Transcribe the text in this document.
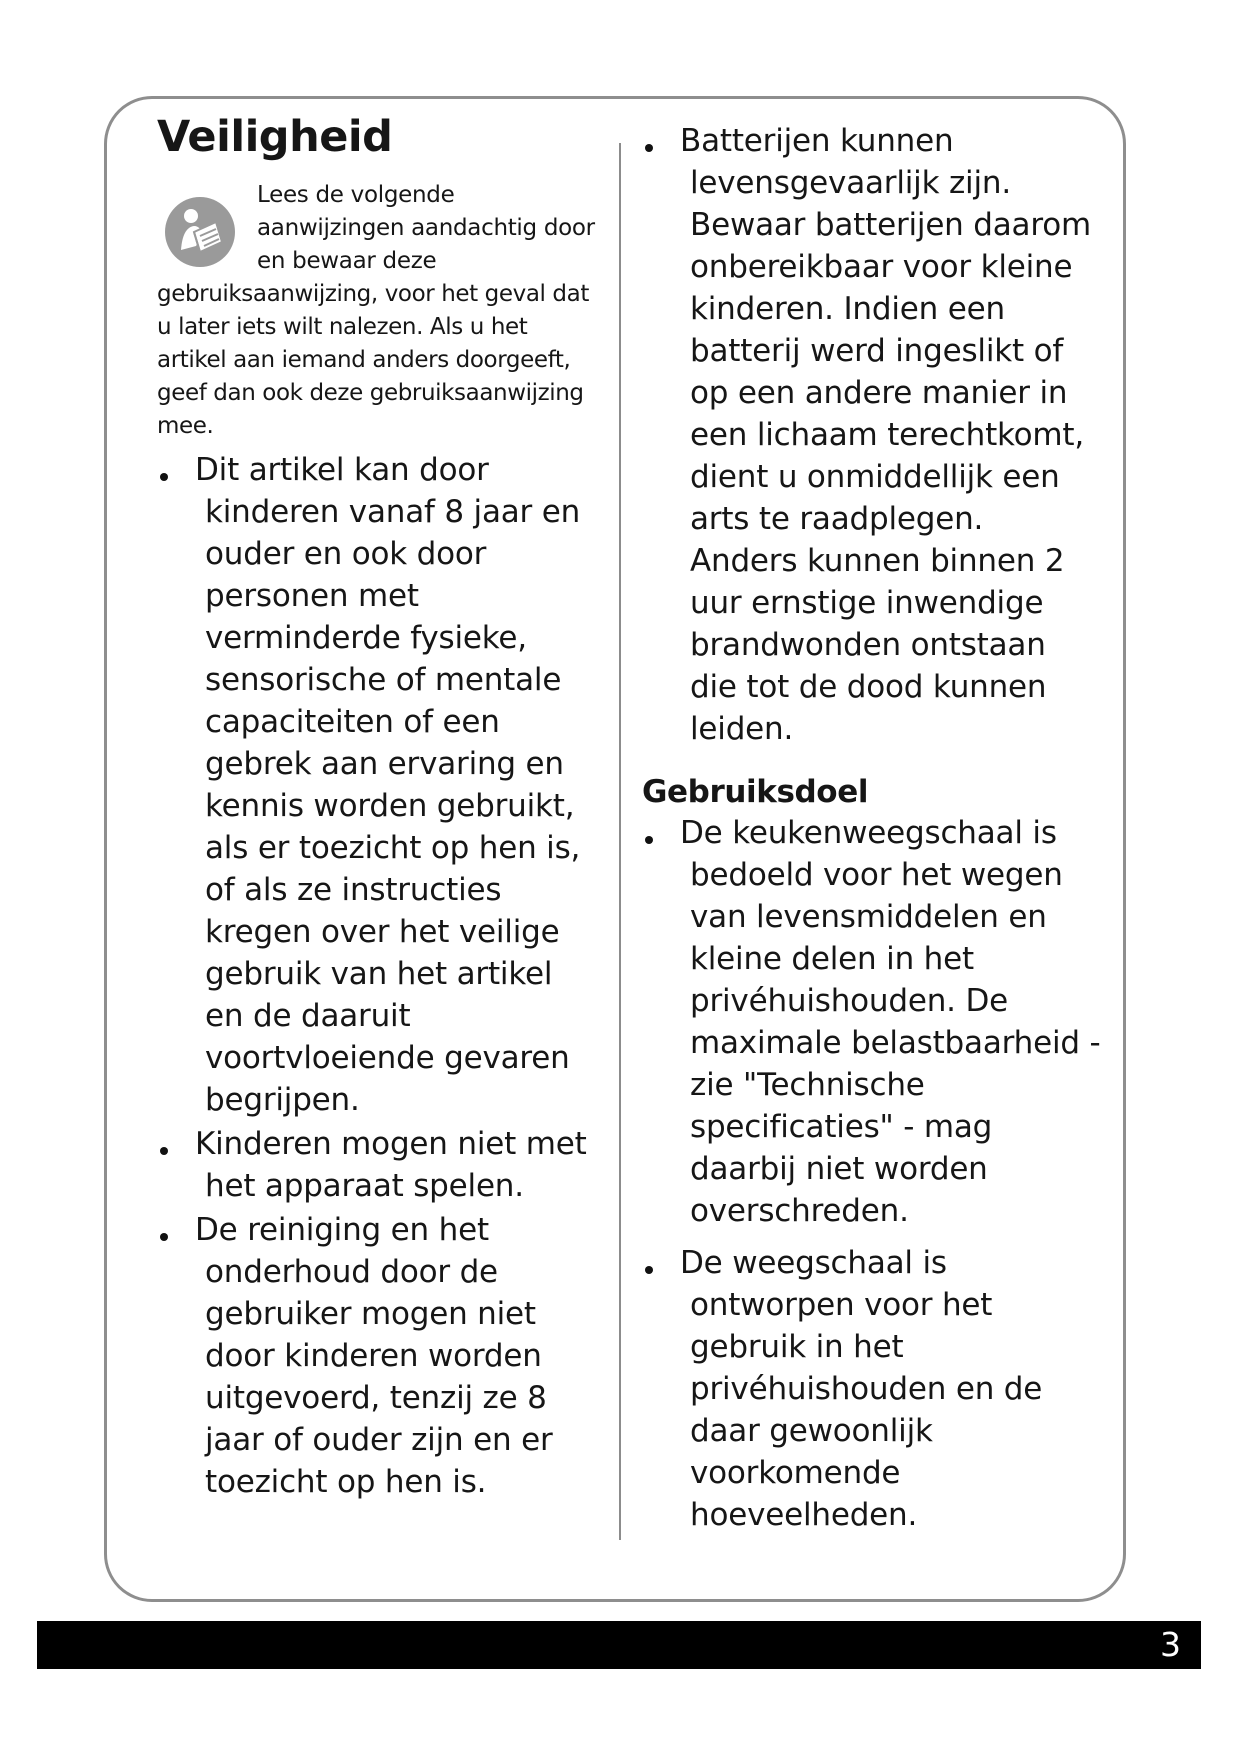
Veiligheid
Lees de volgende aanwijzingen aandachtig door en bewaar deze
gebruiksaanwijzing, voor het geval dat u later iets wilt nalezen. Als u het artikel aan iemand anders doorgeeft, geef dan ook deze gebruiksaanwijzing mee.
Dit artikel kan door kinderen vanaf 8 jaar en ouder en ook door personen met verminderde fysieke, sensorische of mentale capaciteiten of een gebrek aan ervaring en kennis worden gebruikt, als er toezicht op hen is, of als ze instructies kregen over het veilige gebruik van het artikel en de daaruit voortvloeiende gevaren begrijpen.
Kinderen mogen niet met het apparaat spelen.
De reiniging en het onderhoud door de gebruiker mogen niet door kinderen worden uitgevoerd, tenzij ze 8 jaar of ouder zijn en er toezicht op hen is.
Batterijen kunnen levensgevaarlijk zijn. Bewaar batterijen daarom onbereikbaar voor kleine kinderen. Indien een batterij werd ingeslikt of op een andere manier in een lichaam terechtkomt, dient u onmiddellijk een arts te raadplegen. Anders kunnen binnen 2 uur ernstige inwendige brandwonden ontstaan die tot de dood kunnen leiden.
Gebruiksdoel
De keukenweegschaal is bedoeld voor het wegen van levensmiddelen en kleine delen in het privéhuishouden. De maximale belastbaarheid - zie "Technische specificaties" - mag daarbij niet worden overschreden.
De weegschaal is ontworpen voor het gebruik in het privéhuishouden en de daar gewoonlijk voorkomende hoeveelheden.
3
